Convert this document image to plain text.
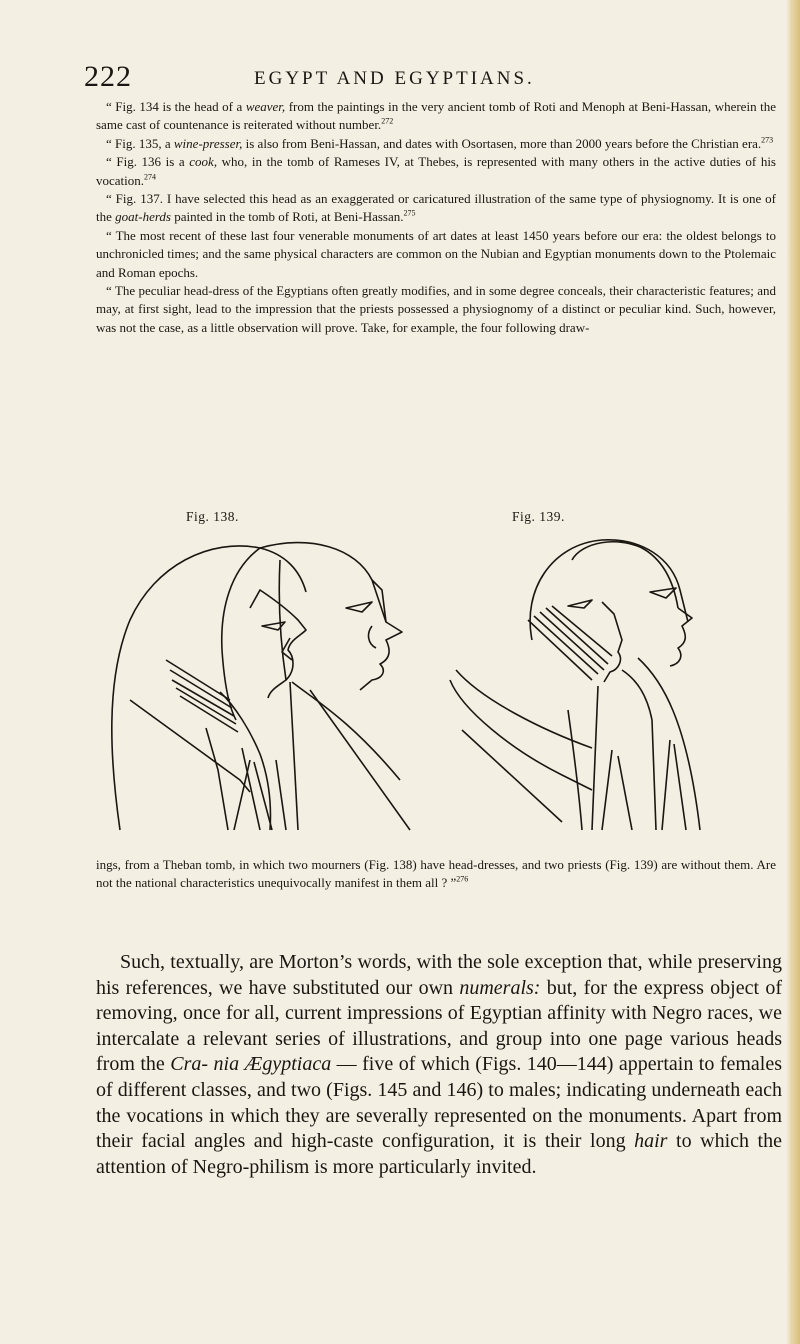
222	EGYPT AND EGYPTIANS.

“ Fig. 134 is the head of a weaver, from the paintings in the very ancient tomb of Roti and Menoph at Beni-Hassan, wherein the same cast of countenance is reiterated without number.$^{272}$

“ Fig. 135, a wine-presser, is also from Beni-Hassan, and dates with Osortasen, more than 2000 years before the Christian era.$^{273}$

“ Fig. 136 is a cook, who, in the tomb of Rameses IV, at Thebes, is represented with many others in the active duties of his vocation.$^{274}$

“ Fig. 137. I have selected this head as an exaggerated or caricatured illustration of the same type of physiognomy. It is one of the goat-herds painted in the tomb of Roti, at Beni-Hassan.$^{275}$

“ The most recent of these last four venerable monuments of art dates at least 1450 years before our era: the oldest belongs to unchronicled times; and the same physical characters are common on the Nubian and Egyptian monuments down to the Ptolemaic and Roman epochs.

“ The peculiar head-dress of the Egyptians often greatly modifies, and in some degree conceals, their characteristic features; and may, at first sight, lead to the impression that the priests possessed a physiognomy of a distinct or peculiar kind. Such, however, was not the case, as a little observation will prove. Take, for example, the four following draw-

Fig. 138.	Fig. 139.

ings, from a Theban tomb, in which two mourners (Fig. 138) have head-dresses, and two priests (Fig. 139) are without them. Are not the national characteristics unequivocally manifest in them all ? ”$^{276}$

Such, textually, are Morton’s words, with the sole exception that, while preserving his references, we have substituted our own numerals: but, for the express object of removing, once for all, current impressions of Egyptian affinity with Negro races, we intercalate a relevant series of illustrations, and group into one page various heads from the Cra- nia Ægyptiaca — five of which (Figs. 140—144) appertain to females of different classes, and two (Figs. 145 and 146) to males; indicating underneath each the vocations in which they are severally represented on the monuments. Apart from their facial angles and high-caste configuration, it is their long hair to which the attention of Negro-philism is more particularly invited.
